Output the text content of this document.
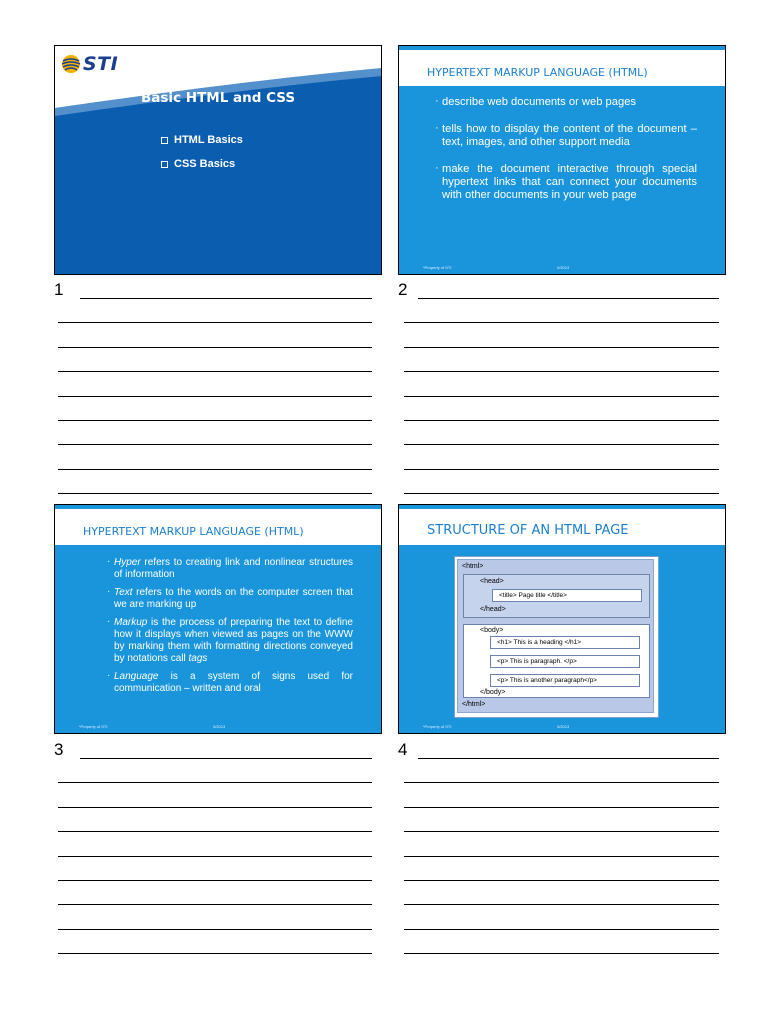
STI
Basic HTML and CSS
HTML Basics
CSS Basics
HYPERTEXT MARKUP LANGUAGE (HTML)
· describe web documents or web pages
· tells how to display the content of the document – text, images, and other support media
· make the document interactive through special hypertext links that can connect your documents with other documents in your web page
*Property of STI	0/2013
HYPERTEXT MARKUP LANGUAGE (HTML)
· Hyper refers to creating link and nonlinear structures of information
· Text refers to the words on the computer screen that we are marking up
· Markup is the process of preparing the text to define how it displays when viewed as pages on the WWW by marking them with formatting directions conveyed by notations call tags
· Language is a system of signs used for communication – written and oral
*Property of STI	0/2013
STRUCTURE OF AN HTML PAGE
<html>
<head>
<title> Page title </title>
</head>
<body>
<h1> This is a heading </h1>
<p> This is paragraph. </p>
<p> This is another paragraph</p>
</body>
</html>
*Property of STI	0/2013
1	2
3	4
